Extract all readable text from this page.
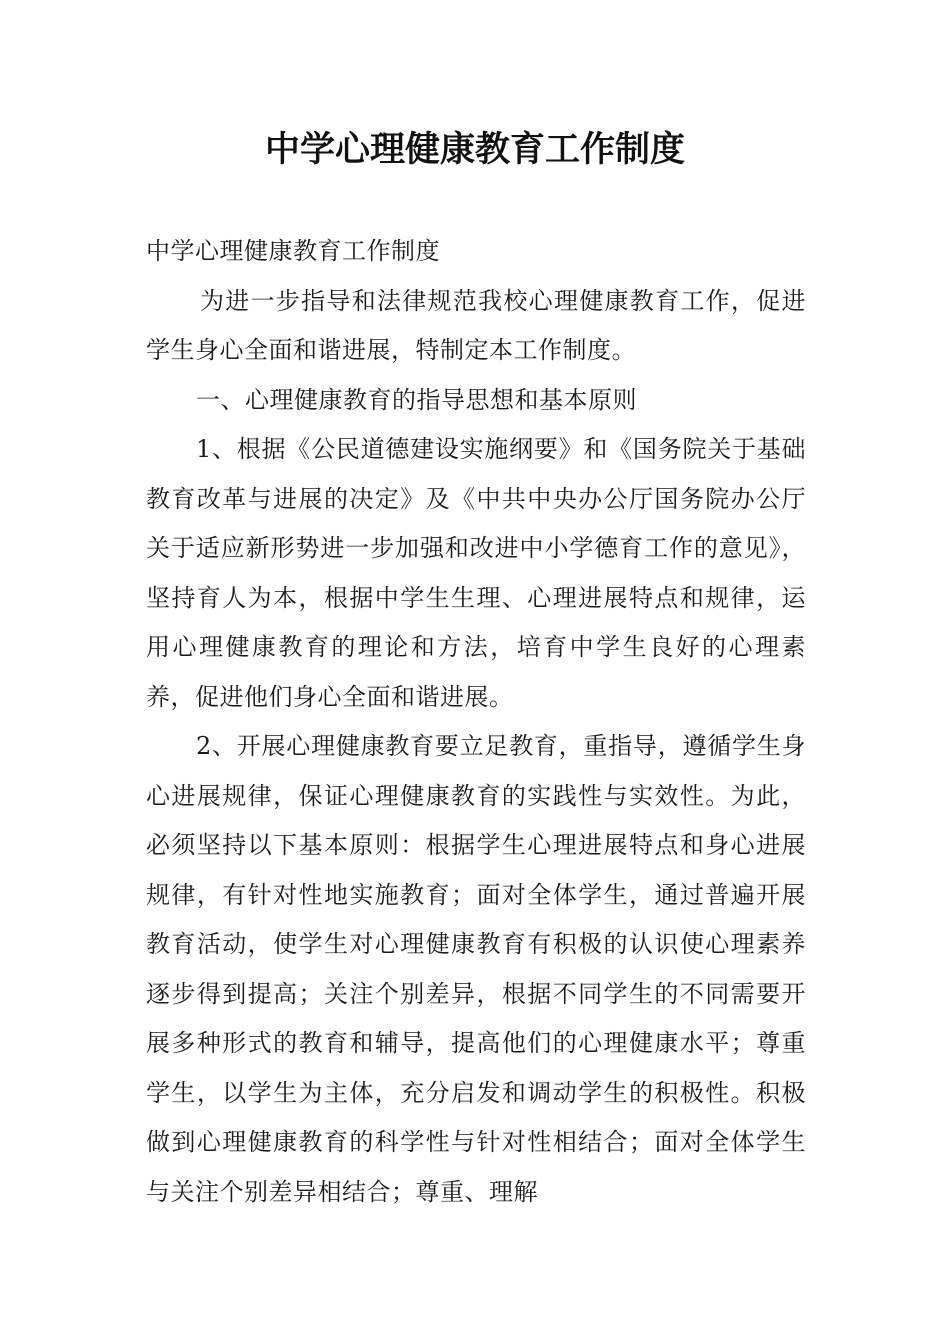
中学心理健康教育工作制度

中学心理健康教育工作制度

为进一步指导和法律规范我校心理健康教育工作，促进学生身心全面和谐进展，特制定本工作制度。

一、心理健康教育的指导思想和基本原则

1、根据《公民道德建设实施纲要》和《国务院关于基础教育改革与进展的决定》及《中共中央办公厅国务院办公厅关于适应新形势进一步加强和改进中小学德育工作的意见》，坚持育人为本，根据中学生生理、心理进展特点和规律，运用心理健康教育的理论和方法，培育中学生良好的心理素养，促进他们身心全面和谐进展。

2、开展心理健康教育要立足教育，重指导，遵循学生身心进展规律，保证心理健康教育的实践性与实效性。为此，必须坚持以下基本原则：根据学生心理进展特点和身心进展规律，有针对性地实施教育；面对全体学生，通过普遍开展教育活动，使学生对心理健康教育有积极的认识使心理素养逐步得到提高；关注个别差异，根据不同学生的不同需要开展多种形式的教育和辅导，提高他们的心理健康水平；尊重学生，以学生为主体，充分启发和调动学生的积极性。积极做到心理健康教育的科学性与针对性相结合；面对全体学生与关注个别差异相结合；尊重、理解
